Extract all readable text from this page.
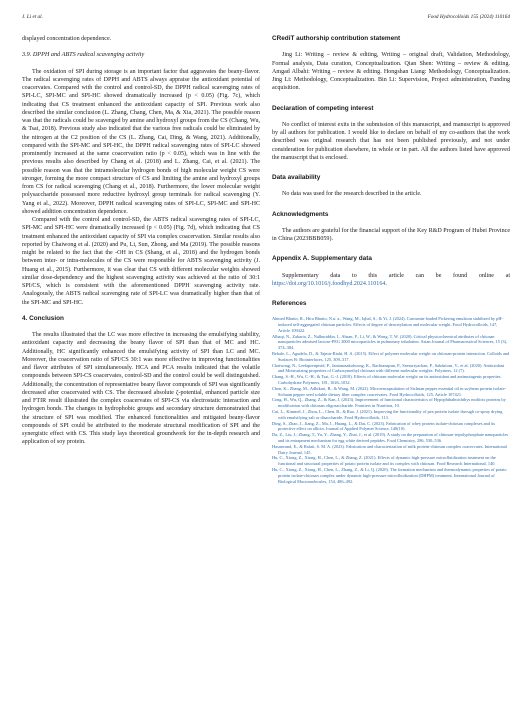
J. Li et al.	Food Hydrocolloids 155 (2024) 110164

displayed concentration dependence.

3.9. DPPH and ABTS radical scavenging activity

The oxidation of SPI during storage is an important factor that aggravates the beany-flavor. The radical scavenging rates of DPPH and ABTS always appraise the antioxidant potential of coacervates. Compared with the control and control-SD, the DPPH radical scavenging rates of SPI-LC, SPI-MC and SPI-HC showed dramatically increased (p < 0.05) (Fig. 7c), which indicating that CS treatment enhanced the antioxidant capacity of SPI. Previous work also described the similar conclusion (L. Zhang, Chang, Chen, Ma, & Xia, 2021). The possible reason was that the radicals could be scavenged by amine and hydroxyl groups from the CS (Chang, Wu, & Tsai, 2018). Previous study also indicated that the various free radicals could be eliminated by the nitrogen at the C2 position of the CS (L. Zhang, Cai, Ding, & Wang, 2021). Additionally, compared with the SPI-MC and SPI-HC, the DPPH radical scavenging rates of SPI-LC showed prominently increased at the same coacervation ratio (p < 0.05), which was in line with the previous results also described by Chang et al. (2018) and L. Zhang, Cai, et al. (2021). The possible reason was that the intramolecular hydrogen bonds of high molecular weight CS were stronger, forming the more compact structure of CS and limiting the amine and hydroxyl groups from CS for radical scavenging (Chang et al., 2018). Furthermore, the lower molecular weight polysaccharide possessed more reductive hydroxyl group terminals for radical scavenging (Y. Yang et al., 2022). Moreover, DPPH radical scavenging rates of SPI-LC, SPI-MC and SPI-HC showed addition concentration dependence.

Compared with the control and control-SD, the ABTS radical scavenging rates of SPI-LC, SPI-MC and SPI-HC were dramatically increased (p < 0.05) (Fig. 7d), which indicating that CS treatment enhanced the antioxidant capacity of SPI via complex coacervation. Similar results also reported by Chaiwong et al. (2020) and Pu, Li, Sun, Zhong, and Ma (2019). The possible reasons might be related to the fact that the -OH in CS (Shang, et al., 2018) and the hydrogen bonds between inter- or intra-molecules of the CS were responsible for ABTS scavenging activity (J. Huang et al., 2015). Furthermore, it was clear that CS with different molecular weights showed similar dose-dependency and the highest scavenging activity was achieved at the ratio of 30:1 SPI/CS, which is consistent with the aforementioned DPPH scavenging activity rate. Analogously, the ABTS radical scavenging rate of SPI-LC was dramatically higher than that of the SPI-MC and SPI-HC.

4. Conclusion

The results illustrated that the LC was more effective in increasing the emulsifying stability, antioxidant capacity and decreasing the beany flavor of SPI than that of MC and HC. Additionally, HC significantly enhanced the emulsifying activity of SPI than LC and MC. Moreover, the coacervation ratio of SPI/CS 30:1 was more effective in improving functionalities and flavor attributes of SPI simultaneously. HCA and PCA results indicated that the volatile compounds between SPI-CS coacervates, control-SD and the control could be well distinguished. Additionally, the concentration of representative beany flavor compounds of SPI was significantly decreased after coacervated with CS. The decreased absolute ζ-potential, enhanced particle size and FTIR result illustrated the complex coacervates of SPI-CS via electrostatic interaction and hydrogen bonds. The changes in hydrophobic groups and secondary structure demonstrated that the structure of SPI was modified. The enhanced functionalities and mitigated beany-flavor compounds of SPI could be attributed to the moderate structural modification of SPI and the synergistic effect with CS. This study lays theoretical groundwork for the in-depth research and application of soy protein.

CRediT authorship contribution statement

Jing Li: Writing – review & editing, Writing – original draft, Validation, Methodology, Formal analysis, Data curation, Conceptualization. Qian Shen: Writing – review & editing. Amgad Albahi: Writing – review & editing. Hongshan Liang: Methodology, Conceptualization. Jing Li: Methodology, Conceptualization. Bin Li: Supervision, Project administration, Funding acquisition.

Declaration of competing interest

No conflict of interest exits in the submission of this manuscript, and manuscript is approved by all authors for publication. I would like to declare on behalf of my co-authors that the work described was original research that has not been published previously, and not under consideration for publication elsewhere, in whole or in part. All the authors listed have approved the manuscript that is enclosed.

Data availability

No data was used for the research described in the article.

Acknowledgments

The authors are grateful for the financial support of the Key R&D Program of Hubei Province in China (2023BBB059).

Appendix A. Supplementary data

Supplementary data to this article can be found online at https://doi.org/10.1016/j.foodhyd.2024.110164.

References

Ahmed Bhutto, R., Hira Bhutto, N.u. a., Wang, M., Iqbal, S., & Yi, J. (2024). Curcumin-loaded Pickering emulsion stabilized by pH-induced self-aggregated chitosan particles: Effects of degree of deacetylation and molecular weight. Food Hydrocolloids, 147, Article 109422.
Albaqi, N., Zakaria, Z., Nalhuriddin, I., Ahsan, F., Li, W., & Wong, T. W. (2020). Critical physicochemical attributes of chitosan nanoparticles admixed lactose-PEG 3000 microparticles in pulmonary inhalation. Asian Journal of Pharmaceutical Sciences, 15 (3), 374–384.
Bekale, L., Agudelo, D., & Tajmir-Riahi, H. A. (2015). Effect of polymer molecular weight on chitosan-protein interaction. Colloids and Surfaces B: Biointerfaces, 125, 309–317.
Chaiwong, N., Leelapornpisid, P., Jantanasakulwong, K., Rachtanapun, P., Seesuriyachan, P., Sakdatorn, V., et al. (2020). Antioxidant and Moisturizing properties of Carboxymethyl chitosan with different molecular weights. Polymers, 12 (7).
Chang, S.-H., Wu, C.-H., & Tsai, G.-J. (2018). Effects of chitosan molecular weight on its antioxidant and antimutagenic properties. Carbohydrate Polymers, 181, 1026–1032.
Chen, K., Zhang, M., Adhikari, B., & Wang, M. (2022). Microencapsulation of Sichuan pepper essential oil in soybean protein isolate-Sichuan pepper seed soluble dietary fiber complex coacervates. Food Hydrocolloids, 125, Article 107421.
Cong, H., Wu, Q., Zhang, Z., & Kan, J. (2023). Improvement of functional characteristics of Hypophthalmichthys molitrix proteins by modification with chitosan oligosaccharide. Frontiers in Nutrition, 10.
Cui, L., Kimmel, J., Zhou, L., Chen, B., & Rao, J. (2021). Improving the functionality of pea protein isolate through co-spray drying with emulsifying salt or disaccharide. Food Hydrocolloids, 113.
Ding, S., Zhao, J., Jiang, Z., Ma, J., Huang, L., & Dai, C. (2023). Fabrication of whey protein isolate-chitosan complexes and its protective effect on allicin. Journal of Applied Polymer Science, 140(10).
Du, Z., Liu, J., Zhang, T., Yu, Y., Zhang, Y., Zhai, J., et al. (2019). A study on the preparation of chitosan-tripolyphosphate nanoparticles and its entrapment mechanism for egg white derived peptides. Food Chemistry, 286, 530–536.
Hasanvand, E., & Rafati, S. M. A. (2023). Fabrication and characterization of milk protein-chitosan complex coacervates. International Dairy Journal, 145.
Hu, C., Xiong, Z., Xiong, H., Chen, L., & Zhang, Z. (2021). Effects of dynamic high-pressure microfluidization treatment on the functional and structural properties of potato protein isolate and its complex with chitosan. Food Research International, 140.
Hu, C., Xiong, Z., Xiong, H., Chen, L., Zhang, Z., & Li, Q. (2020). The formation mechanism and thermodynamic properties of potato protein isolate-chitosan complex under dynamic high-pressure microfluidization (DHPM) treatment. International Journal of Biological Macromolecules, 154, 486–492.
